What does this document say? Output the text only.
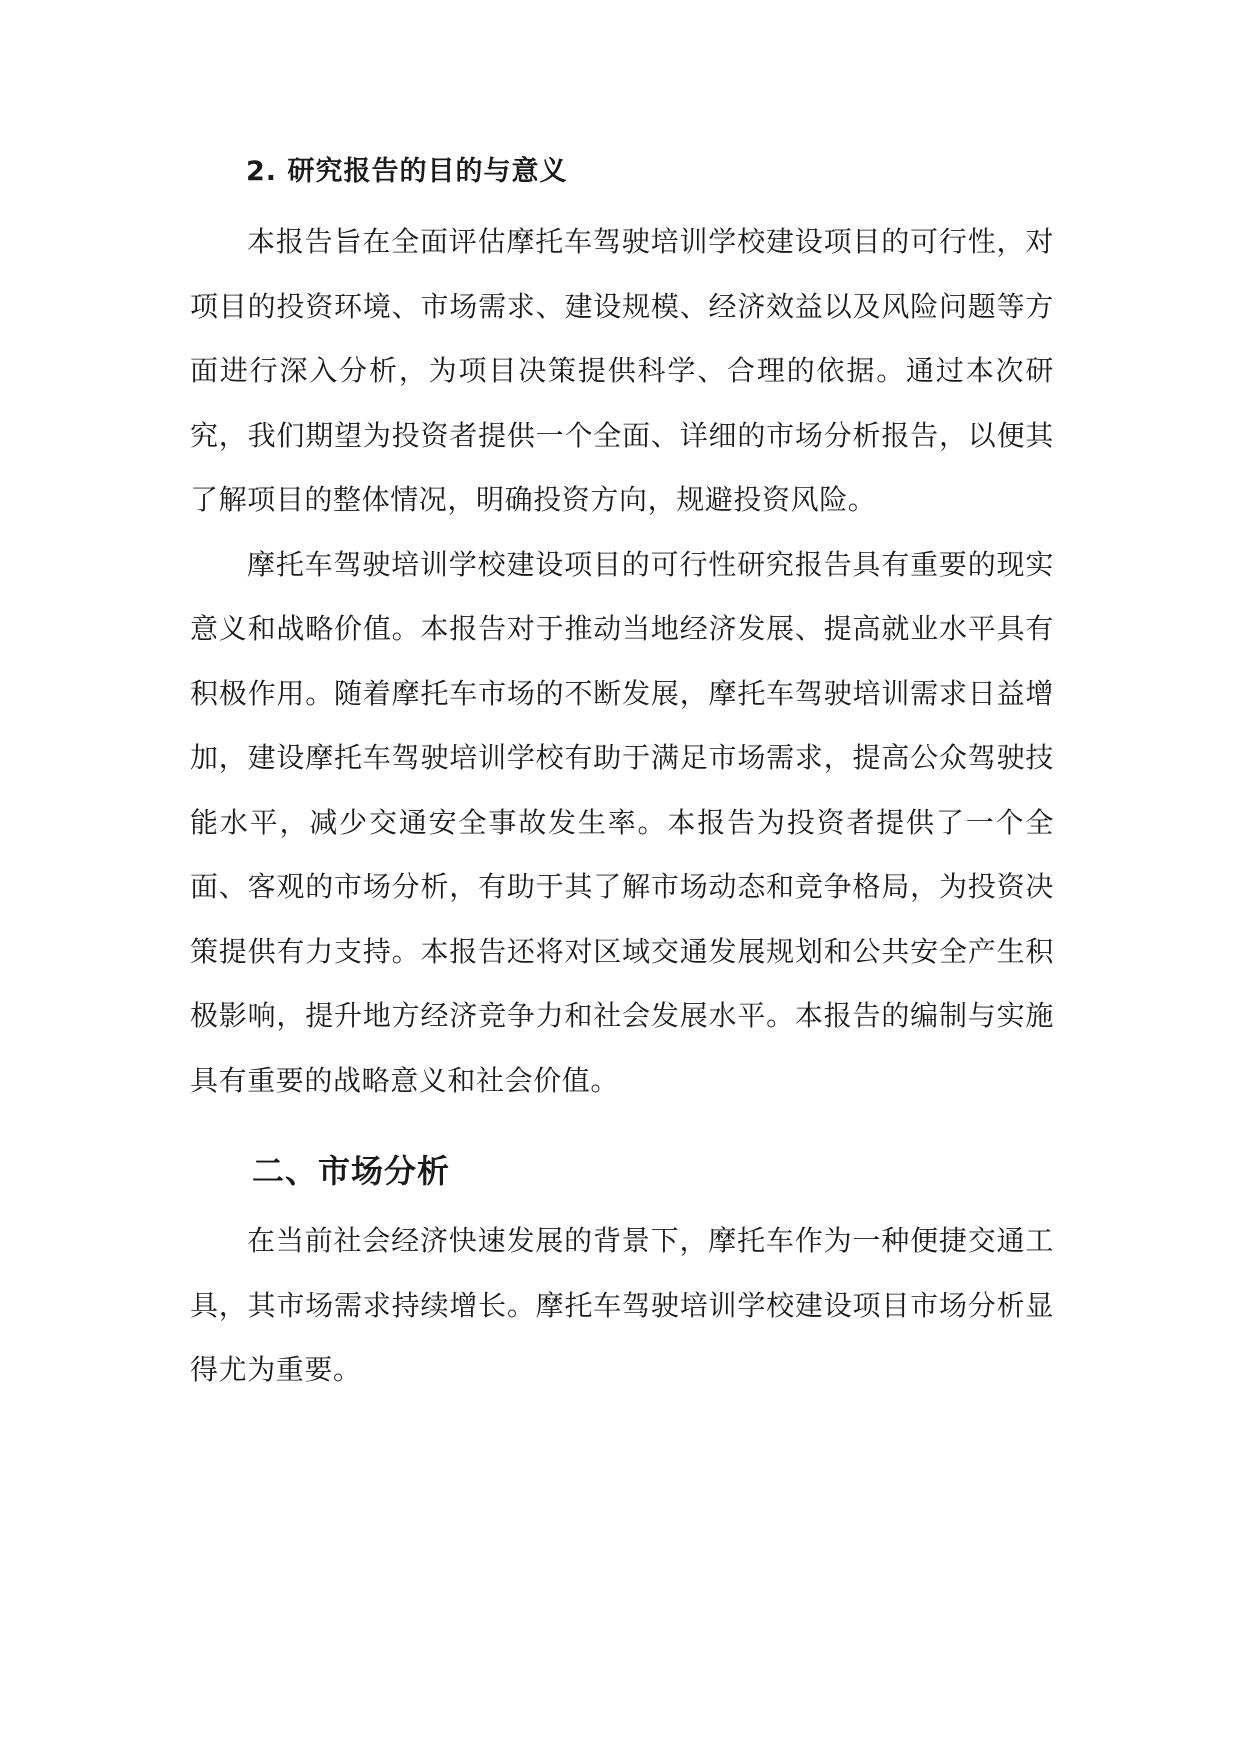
2. 研究报告的目的与意义

本报告旨在全面评估摩托车驾驶培训学校建设项目的可行性，对项目的投资环境、市场需求、建设规模、经济效益以及风险问题等方面进行深入分析，为项目决策提供科学、合理的依据。通过本次研究，我们期望为投资者提供一个全面、详细的市场分析报告，以便其了解项目的整体情况，明确投资方向，规避投资风险。

摩托车驾驶培训学校建设项目的可行性研究报告具有重要的现实意义和战略价值。本报告对于推动当地经济发展、提高就业水平具有积极作用。随着摩托车市场的不断发展，摩托车驾驶培训需求日益增加，建设摩托车驾驶培训学校有助于满足市场需求，提高公众驾驶技能水平，减少交通安全事故发生率。本报告为投资者提供了一个全面、客观的市场分析，有助于其了解市场动态和竞争格局，为投资决策提供有力支持。本报告还将对区域交通发展规划和公共安全产生积极影响，提升地方经济竞争力和社会发展水平。本报告的编制与实施具有重要的战略意义和社会价值。

二、市场分析

在当前社会经济快速发展的背景下，摩托车作为一种便捷交通工具，其市场需求持续增长。摩托车驾驶培训学校建设项目市场分析显得尤为重要。
